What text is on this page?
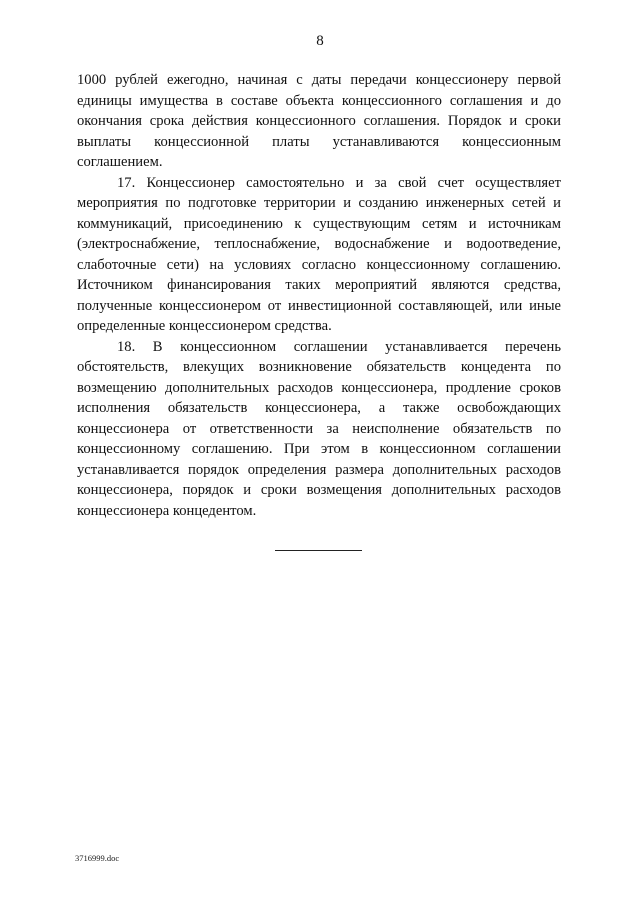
8

1000 рублей ежегодно, начиная с даты передачи концессионеру первой единицы имущества в составе объекта концессионного соглашения и до окончания срока действия концессионного соглашения. Порядок и сроки выплаты концессионной платы устанавливаются концессионным соглашением.

17. Концессионер самостоятельно и за свой счет осуществляет мероприятия по подготовке территории и созданию инженерных сетей и коммуникаций, присоединению к существующим сетям и источникам (электроснабжение, теплоснабжение, водоснабжение и водоотведение, слаботочные сети) на условиях согласно концессионному соглашению. Источником финансирования таких мероприятий являются средства, полученные концессионером от инвестиционной составляющей, или иные определенные концессионером средства.

18. В концессионном соглашении устанавливается перечень обстоятельств, влекущих возникновение обязательств концедента по возмещению дополнительных расходов концессионера, продление сроков исполнения обязательств концессионера, а также освобождающих концессионера от ответственности за неисполнение обязательств по концессионному соглашению. При этом в концессионном соглашении устанавливается порядок определения размера дополнительных расходов концессионера, порядок и сроки возмещения дополнительных расходов концессионера концедентом.

3716999.doc
